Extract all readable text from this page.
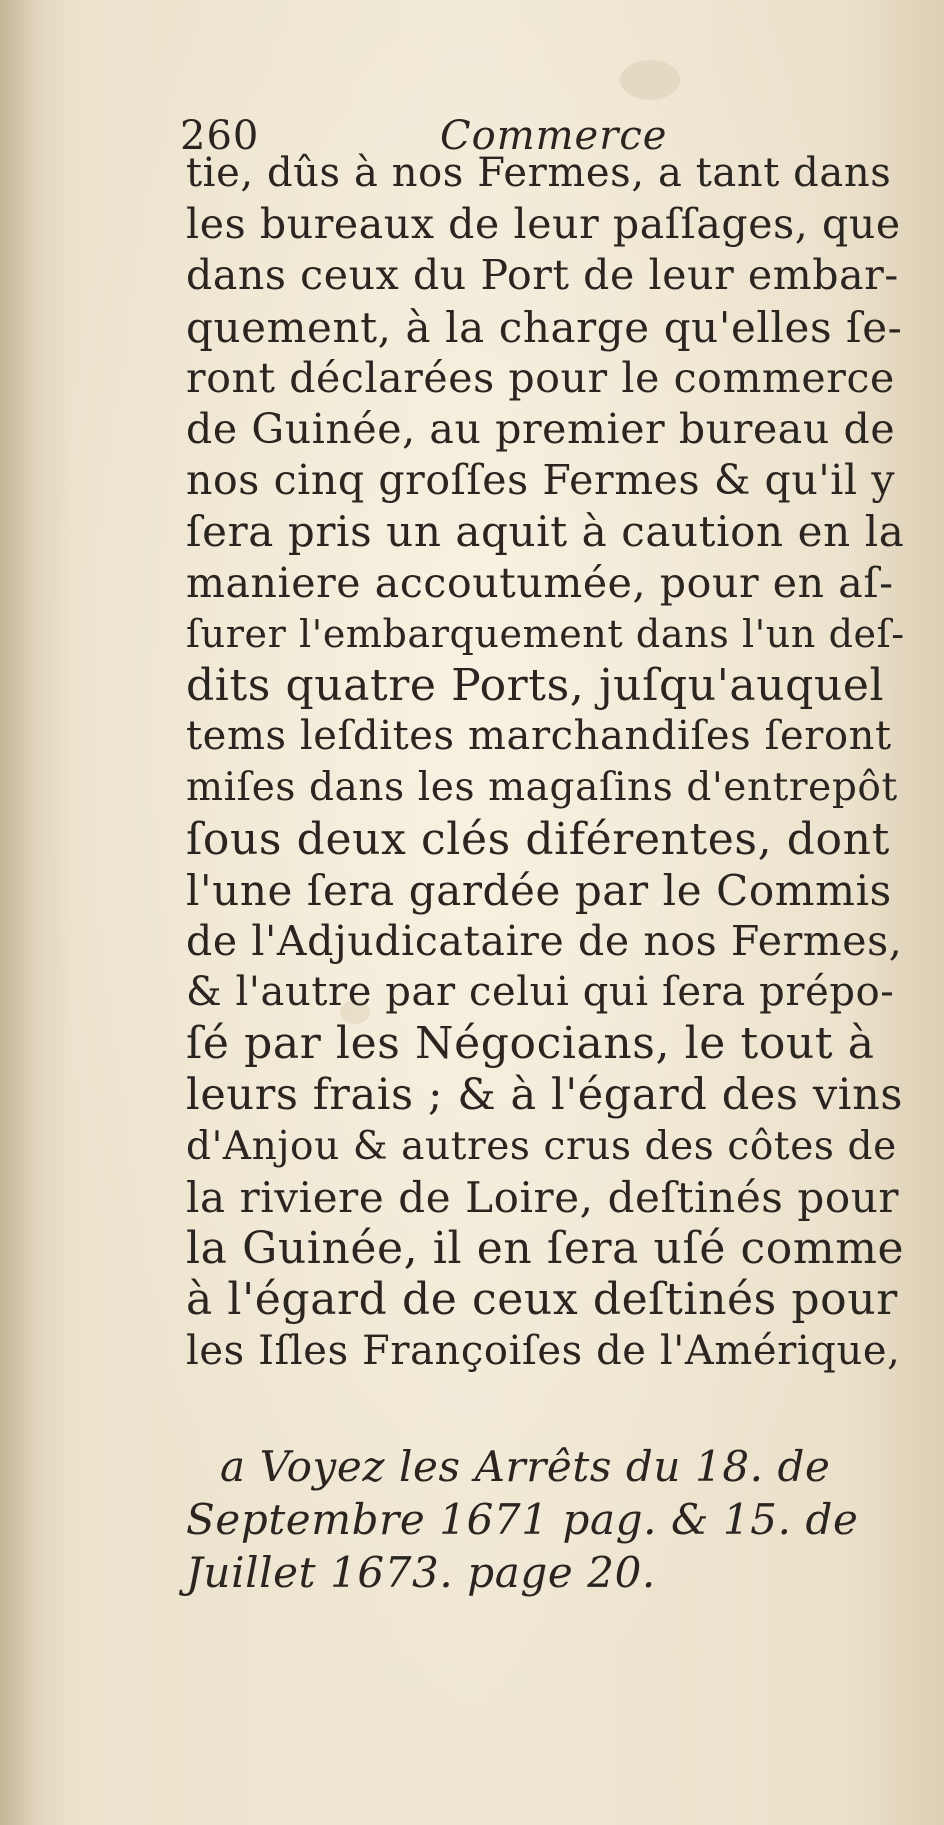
260	Commerce
tie, dûs à nos Fermes, a tant dans
les bureaux de leur paſſages, que
dans ceux du Port de leur embar-
quement, à la charge qu'elles ſe-
ront déclarées pour le commerce
de Guinée, au premier bureau de
nos cinq groſſes Fermes & qu'il y
ſera pris un aquit à caution en la
maniere accoutumée, pour en aſ-
ſurer l'embarquement dans l'un deſ-
dits quatre Ports, juſqu'auquel
tems leſdites marchandiſes ſeront
miſes dans les magaſins d'entrepôt
ſous deux clés diférentes, dont
l'une ſera gardée par le Commis
de l'Adjudicataire de nos Fermes,
& l'autre par celui qui ſera prépo-
ſé par les Négocians, le tout à
leurs frais ; & à l'égard des vins
d'Anjou & autres crus des côtes de
la riviere de Loire, deſtinés pour
la Guinée, il en ſera uſé comme
à l'égard de ceux deſtinés pour
les Iſles Françoiſes de l'Amérique,
a Voyez les Arrêts du 18. de
Septembre 1671 pag. & 15. de
Juillet 1673. page 20.
